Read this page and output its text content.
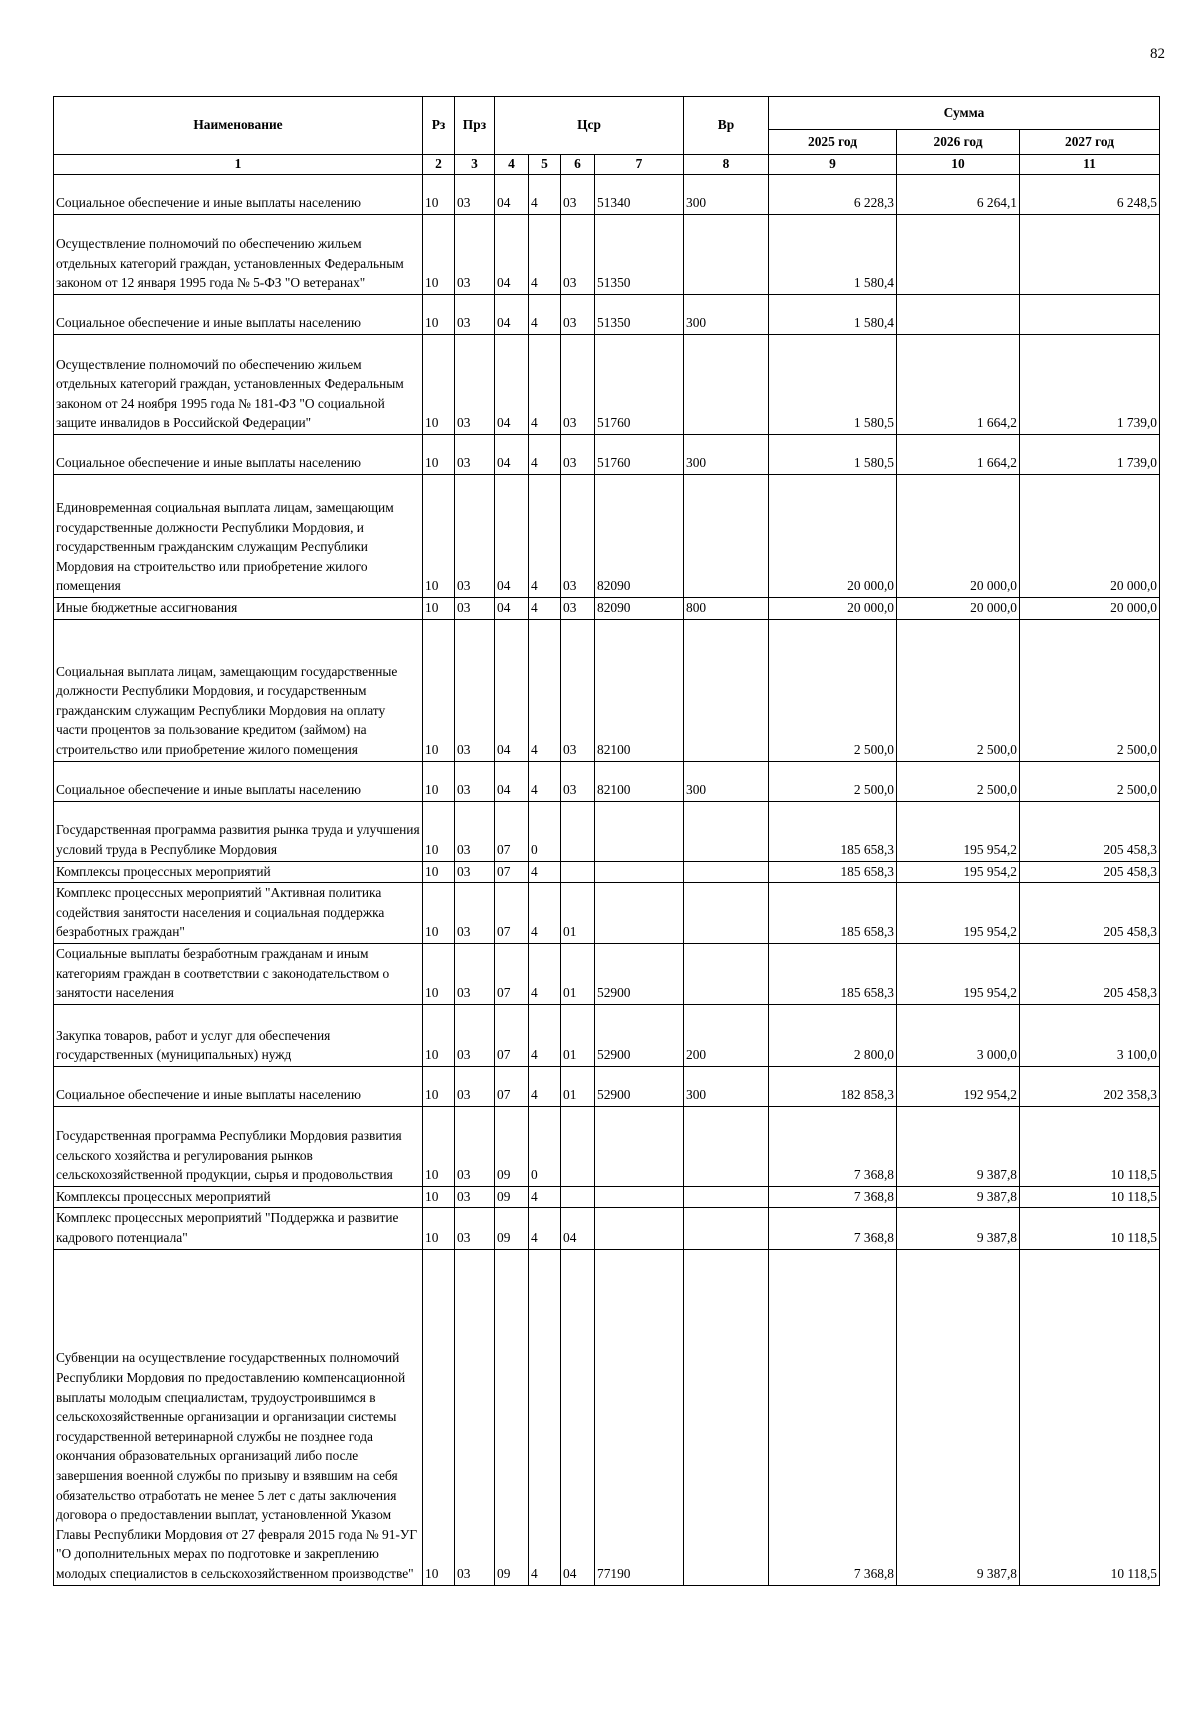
82
Наименование	Рз	Прз	Цср				Вр	Сумма		
								2025 год	2026 год	2027 год
1	2	3	4	5	6	7	8	9	10	11
Социальное обеспечение и иные выплаты населению	10	03	04	4	03	51340	300	6 228,3	6 264,1	6 248,5
Осуществление полномочий по обеспечению жильем отдельных категорий граждан, установленных Федеральным законом от 12 января 1995 года № 5-ФЗ "О ветеранах"	10	03	04	4	03	51350		1 580,4		
Социальное обеспечение и иные выплаты населению	10	03	04	4	03	51350	300	1 580,4		
Осуществление полномочий по обеспечению жильем отдельных категорий граждан, установленных Федеральным законом от 24 ноября 1995 года № 181-ФЗ "О социальной защите инвалидов в Российской Федерации"	10	03	04	4	03	51760		1 580,5	1 664,2	1 739,0
Социальное обеспечение и иные выплаты населению	10	03	04	4	03	51760	300	1 580,5	1 664,2	1 739,0
Единовременная социальная выплата лицам, замещающим государственные должности Республики Мордовия, и государственным гражданским служащим Республики Мордовия на строительство или приобретение жилого помещения	10	03	04	4	03	82090		20 000,0	20 000,0	20 000,0
Иные бюджетные ассигнования	10	03	04	4	03	82090	800	20 000,0	20 000,0	20 000,0
Социальная выплата лицам, замещающим государственные должности Республики Мордовия, и государственным гражданским служащим Республики Мордовия на оплату части процентов за пользование кредитом (займом) на строительство или приобретение жилого помещения	10	03	04	4	03	82100		2 500,0	2 500,0	2 500,0
Социальное обеспечение и иные выплаты населению	10	03	04	4	03	82100	300	2 500,0	2 500,0	2 500,0
Государственная программа развития рынка труда и улучшения условий труда в Республике Мордовия	10	03	07	0				185 658,3	195 954,2	205 458,3
Комплексы процессных мероприятий	10	03	07	4				185 658,3	195 954,2	205 458,3
Комплекс процессных мероприятий "Активная политика содействия занятости населения и социальная поддержка безработных граждан"	10	03	07	4	01			185 658,3	195 954,2	205 458,3
Социальные выплаты безработным гражданам и иным категориям граждан в соответствии с законодательством о занятости населения	10	03	07	4	01	52900		185 658,3	195 954,2	205 458,3
Закупка товаров, работ и услуг для обеспечения государственных (муниципальных) нужд	10	03	07	4	01	52900	200	2 800,0	3 000,0	3 100,0
Социальное обеспечение и иные выплаты населению	10	03	07	4	01	52900	300	182 858,3	192 954,2	202 358,3
Государственная программа Республики Мордовия развития сельского хозяйства и регулирования рынков сельскохозяйственной продукции, сырья и продовольствия	10	03	09	0				7 368,8	9 387,8	10 118,5
Комплексы процессных мероприятий	10	03	09	4				7 368,8	9 387,8	10 118,5
Комплекс процессных мероприятий "Поддержка и развитие кадрового потенциала"	10	03	09	4	04			7 368,8	9 387,8	10 118,5
Субвенции на осуществление государственных полномочий Республики Мордовия по предоставлению компенсационной выплаты молодым специалистам, трудоустроившимся в сельскохозяйственные организации и организации системы государственной ветеринарной службы не позднее года окончания образовательных организаций либо после завершения военной службы по призыву и взявшим на себя обязательство отработать не менее 5 лет с даты заключения договора о предоставлении выплат, установленной Указом Главы Республики Мордовия от 27 февраля 2015 года № 91-УГ "О дополнительных мерах по подготовке и закреплению молодых специалистов в сельскохозяйственном производстве"	10	03	09	4	04	77190		7 368,8	9 387,8	10 118,5
